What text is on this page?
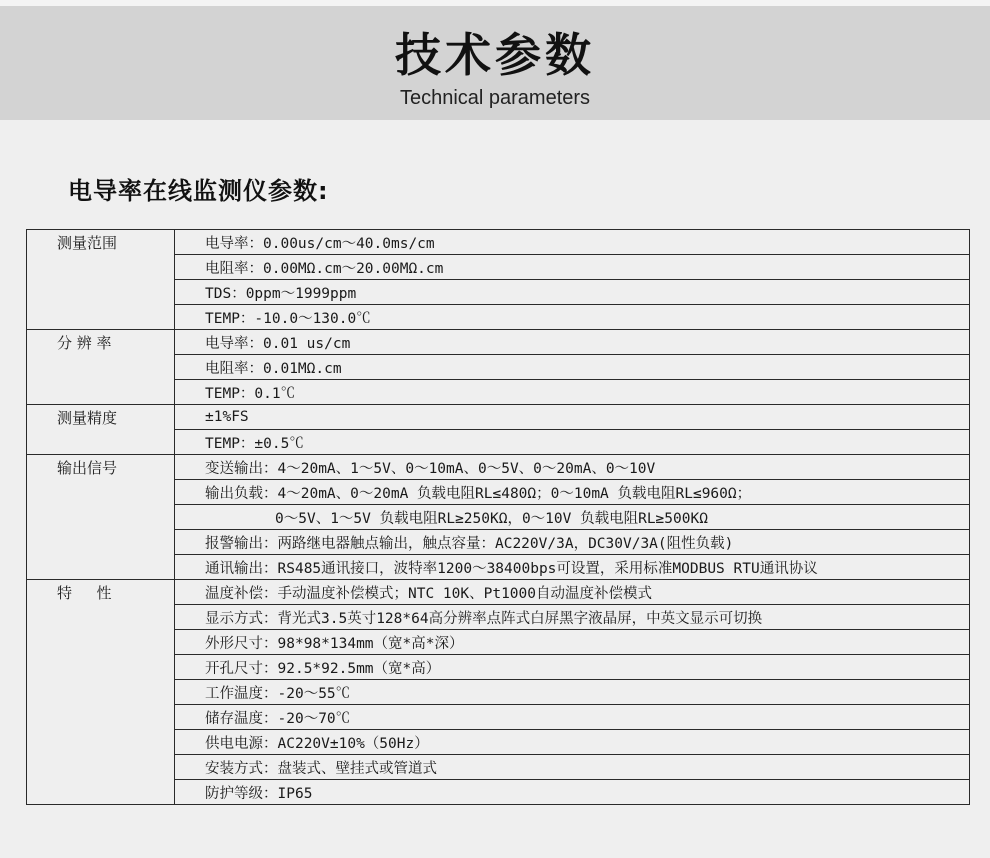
技术参数
Technical parameters
电导率在线监测仪参数:
测量范围	电导率：0.00us/cm～40.0ms/cm
	电阻率：0.00MΩ.cm～20.00MΩ.cm
	TDS：0ppm～1999ppm
	TEMP：-10.0～130.0℃
分 辨 率	电导率：0.01 us/cm
	电阻率：0.01MΩ.cm
	TEMP：0.1℃
测量精度	±1%FS
	TEMP：±0.5℃
输出信号	变送输出：4～20mA、1～5V、0～10mA、0～5V、0～20mA、0～10V
	输出负载：4～20mA、0～20mA 负载电阻RL≤480Ω；0～10mA 负载电阻RL≤960Ω；
	0～5V、1～5V 负载电阻RL≥250KΩ，0～10V 负载电阻RL≥500KΩ
	报警输出：两路继电器触点输出，触点容量：AC220V/3A，DC30V/3A(阻性负载)
	通讯输出：RS485通讯接口，波特率1200～38400bps可设置，采用标准MODBUS RTU通讯协议
特 　 性	温度补偿：手动温度补偿模式；NTC 10K、Pt1000自动温度补偿模式
	显示方式：背光式3.5英寸128*64高分辨率点阵式白屏黑字液晶屏，中英文显示可切换
	外形尺寸：98*98*134mm（宽*高*深）
	开孔尺寸：92.5*92.5mm（宽*高）
	工作温度：-20～55℃
	储存温度：-20～70℃
	供电电源：AC220V±10%（50Hz）
	安装方式：盘装式、壁挂式或管道式
	防护等级：IP65
